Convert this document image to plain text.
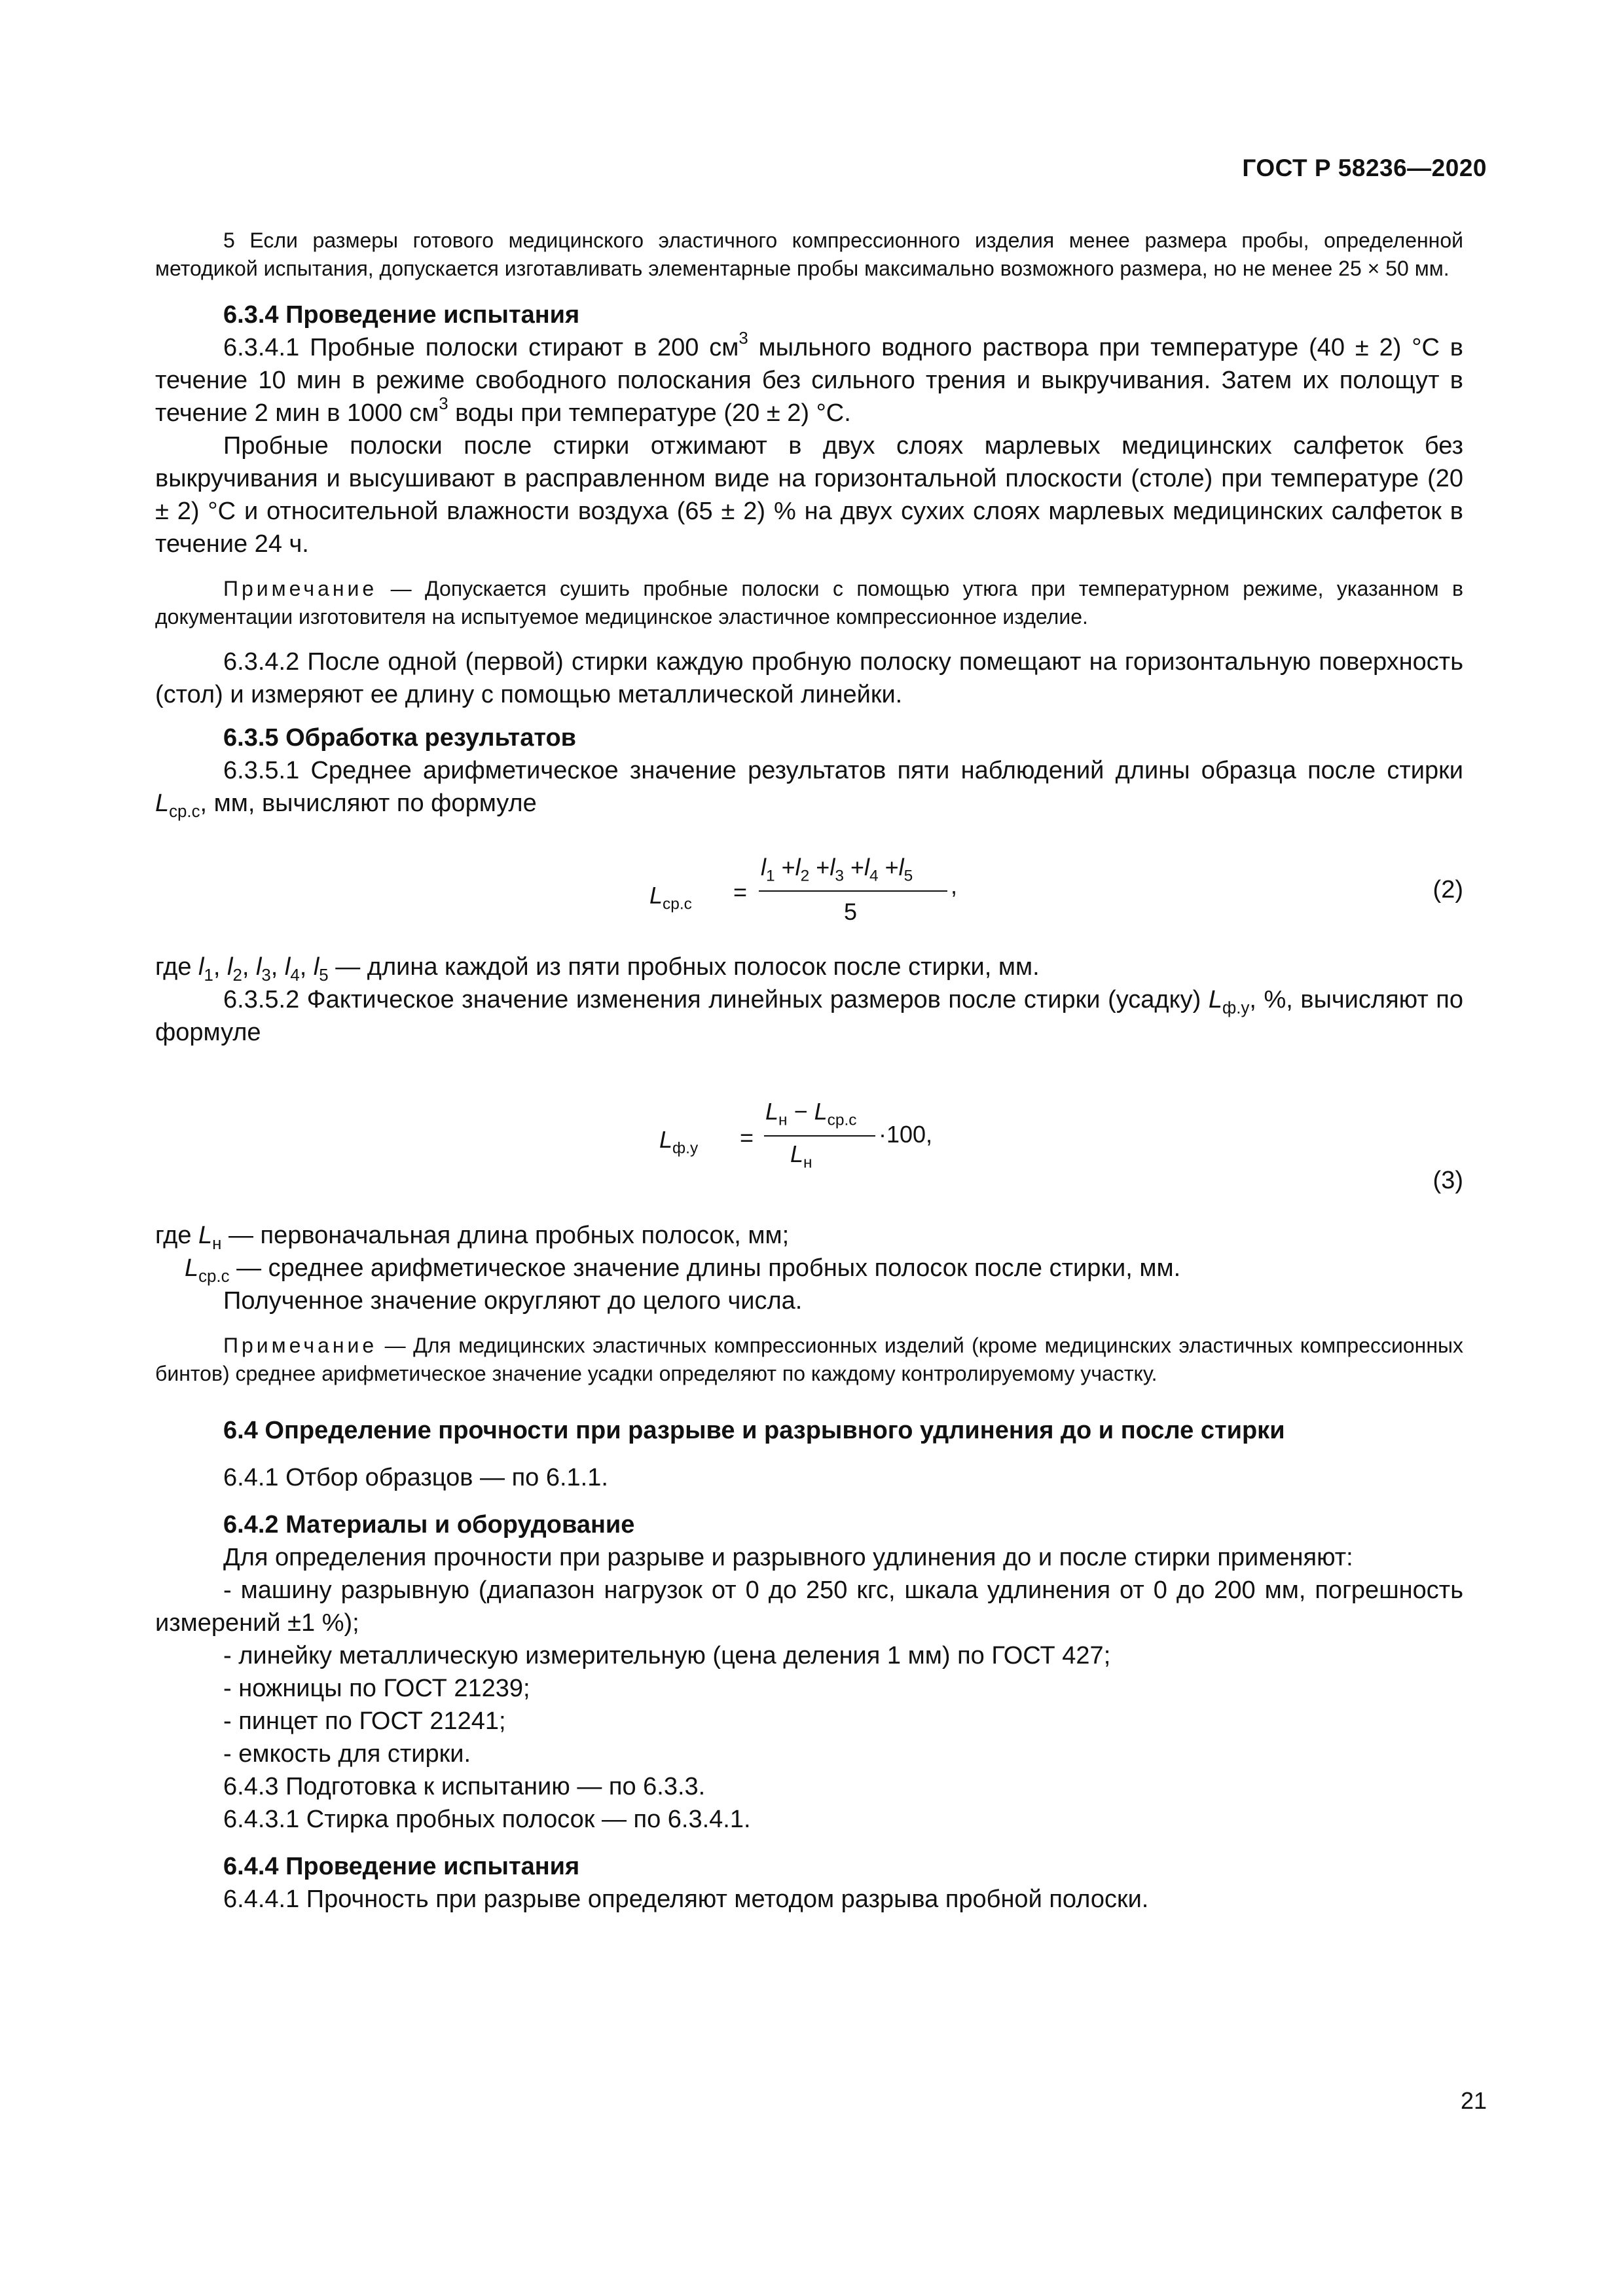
ГОСТ Р 58236—2020

5 Если размеры готового медицинского эластичного компрессионного изделия менее размера пробы, определенной методикой испытания, допускается изготавливать элементарные пробы максимально возможного размера, но не менее 25 × 50 мм.

6.3.4 Проведение испытания

6.3.4.1 Пробные полоски стирают в 200 $см^3$ мыльного водного раствора при температуре (40 ± 2) °С в течение 10 мин в режиме свободного полоскания без сильного трения и выкручивания. Затем их полощут в течение 2 мин в 1000 $см^3$ воды при температуре (20 ± 2) °С.

Пробные полоски после стирки отжимают в двух слоях марлевых медицинских салфеток без выкручивания и высушивают в расправленном виде на горизонтальной плоскости (столе) при температуре (20 ± 2) °С и относительной влажности воздуха (65 ± 2) % на двух сухих слоях марлевых медицинских салфеток в течение 24 ч.

Примечание — Допускается сушить пробные полоски с помощью утюга при температурном режиме, указанном в документации изготовителя на испытуемое медицинское эластичное компрессионное изделие.

6.3.4.2 После одной (первой) стирки каждую пробную полоску помещают на горизонтальную поверхность (стол) и измеряют ее длину с помощью металлической линейки.

6.3.5 Обработка результатов

6.3.5.1 Среднее арифметическое значение результатов пяти наблюдений длины образца после стирки $L_{ср.с}$, мм, вычисляют по формуле

$L_{ср.с}$ =
$l_1 +l_2 +l_3 +l_4 +l_5$
5
,	(2)

где $l_1$, $l_2$, $l_3$, $l_4$, $l_5$ — длина каждой из пяти пробных полосок после стирки, мм.

6.3.5.2 Фактическое значение изменения линейных размеров после стирки (усадку) $L_{ф.у}$, %, вычисляют по формуле

$L_{ф.у}$ =
$L_н - L_{ср.с}$
$L_н$
·100,
(3)

где $L_н$ — первоначальная длина пробных полосок, мм;

$L_{ср.с}$ — среднее арифметическое значение длины пробных полосок после стирки, мм.

Полученное значение округляют до целого числа.

Примечание — Для медицинских эластичных компрессионных изделий (кроме медицинских эластичных компрессионных бинтов) среднее арифметическое значение усадки определяют по каждому контролируемому участку.

6.4 Определение прочности при разрыве и разрывного удлинения до и после стирки

6.4.1 Отбор образцов — по 6.1.1.

6.4.2 Материалы и оборудование

Для определения прочности при разрыве и разрывного удлинения до и после стирки применяют:

- машину разрывную (диапазон нагрузок от 0 до 250 кгс, шкала удлинения от 0 до 200 мм, погрешность измерений ±1 %);

- линейку металлическую измерительную (цена деления 1 мм) по ГОСТ 427;

- ножницы по ГОСТ 21239;

- пинцет по ГОСТ 21241;

- емкость для стирки.

6.4.3 Подготовка к испытанию — по 6.3.3.

6.4.3.1 Стирка пробных полосок — по 6.3.4.1.

6.4.4 Проведение испытания

6.4.4.1 Прочность при разрыве определяют методом разрыва пробной полоски.

21
